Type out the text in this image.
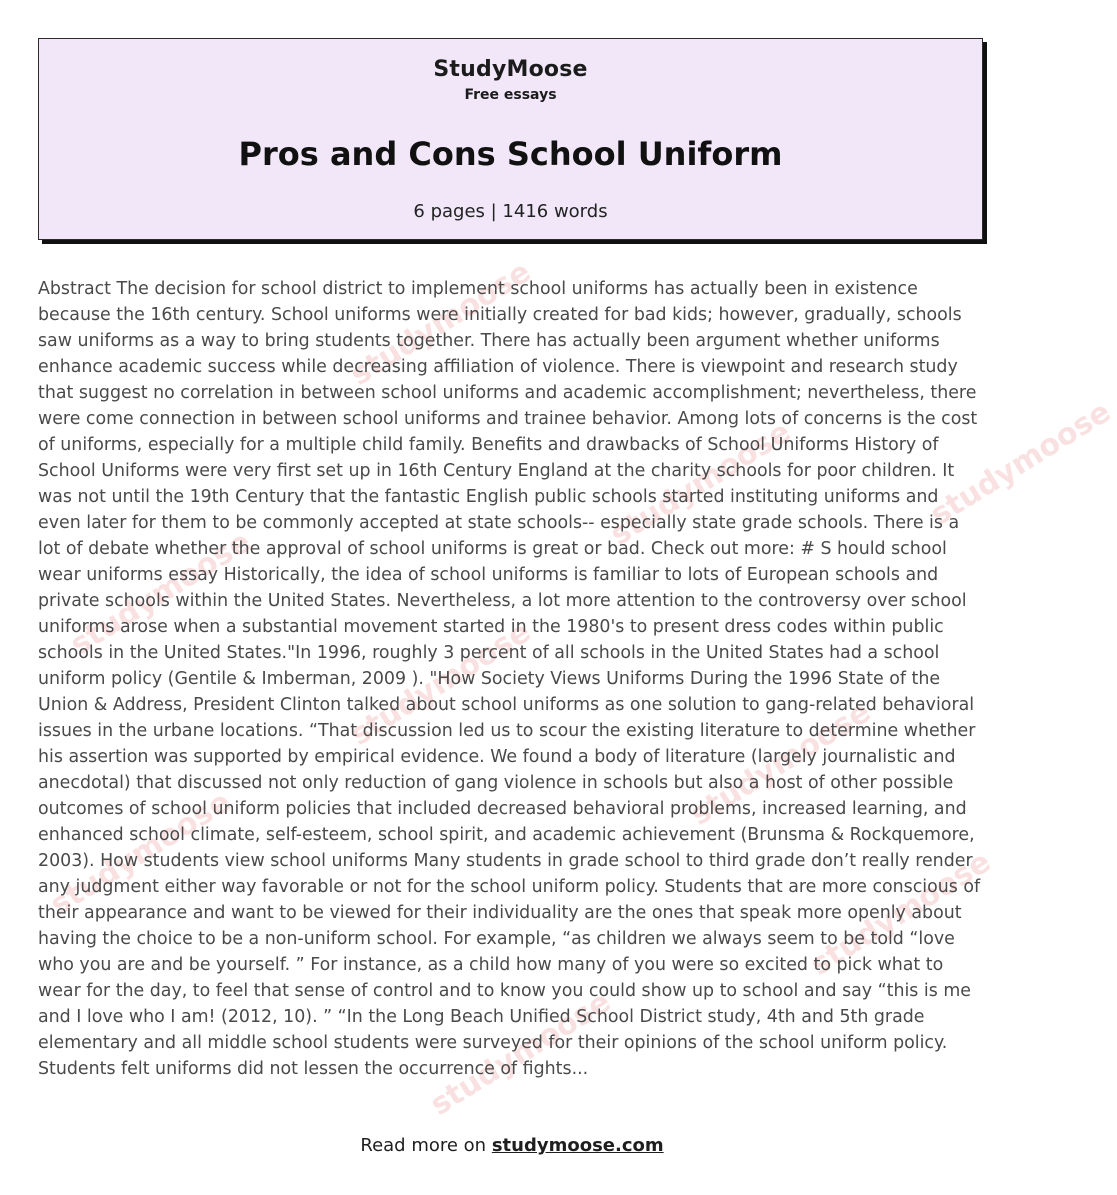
StudyMoose
Free essays
Pros and Cons School Uniform
6 pages | 1416 words
studymoose
studymoose	studymoose
studymoose
studymoose
studymoose
studymoose	studymoose
studymoose

Abstract The decision for school district to implement school uniforms has actually been in existence because the 16th century. School uniforms were initially created for bad kids; however, gradually, schools saw uniforms as a way to bring students together. There has actually been argument whether uniforms enhance academic success while decreasing affiliation of violence. There is viewpoint and research study that suggest no correlation in between school uniforms and academic accomplishment; nevertheless, there were come connection in between school uniforms and trainee behavior. Among lots of concerns is the cost of uniforms, especially for a multiple child family. Benefits and drawbacks of School Uniforms History of School Uniforms were very first set up in 16th Century England at the charity schools for poor children. It was not until the 19th Century that the fantastic English public schools started instituting uniforms and even later for them to be commonly accepted at state schools-- especially state grade schools. There is a lot of debate whether the approval of school uniforms is great or bad. Check out more: # S hould school wear uniforms essay Historically, the idea of school uniforms is familiar to lots of European schools and private schools within the United States. Nevertheless, a lot more attention to the controversy over school uniforms arose when a substantial movement started in the 1980's to present dress codes within public schools in the United States."In 1996, roughly 3 percent of all schools in the United States had a school uniform policy (Gentile & Imberman, 2009 ). "How Society Views Uniforms During the 1996 State of the Union & Address, President Clinton talked about school uniforms as one solution to gang-related behavioral issues in the urbane locations. “That discussion led us to scour the existing literature to determine whether his assertion was supported by empirical evidence. We found a body of literature (largely journalistic and anecdotal) that discussed not only reduction of gang violence in schools but also a host of other possible outcomes of school uniform policies that included decreased behavioral problems, increased learning, and enhanced school climate, self-esteem, school spirit, and academic achievement (Brunsma & Rockquemore, 2003). How students view school uniforms Many students in grade school to third grade don’t really render any judgment either way favorable or not for the school uniform policy. Students that are more conscious of their appearance and want to be viewed for their individuality are the ones that speak more openly about having the choice to be a non-uniform school. For example, “as children we always seem to be told “love who you are and be yourself. ” For instance, as a child how many of you were so excited to pick what to wear for the day, to feel that sense of control and to know you could show up to school and say “this is me and I love who I am! (2012, 10). ” “In the Long Beach Unified School District study, 4th and 5th grade elementary and all middle school students were surveyed for their opinions of the school uniform policy. Students felt uniforms did not lessen the occurrence of fights...

Read more on studymoose.com
